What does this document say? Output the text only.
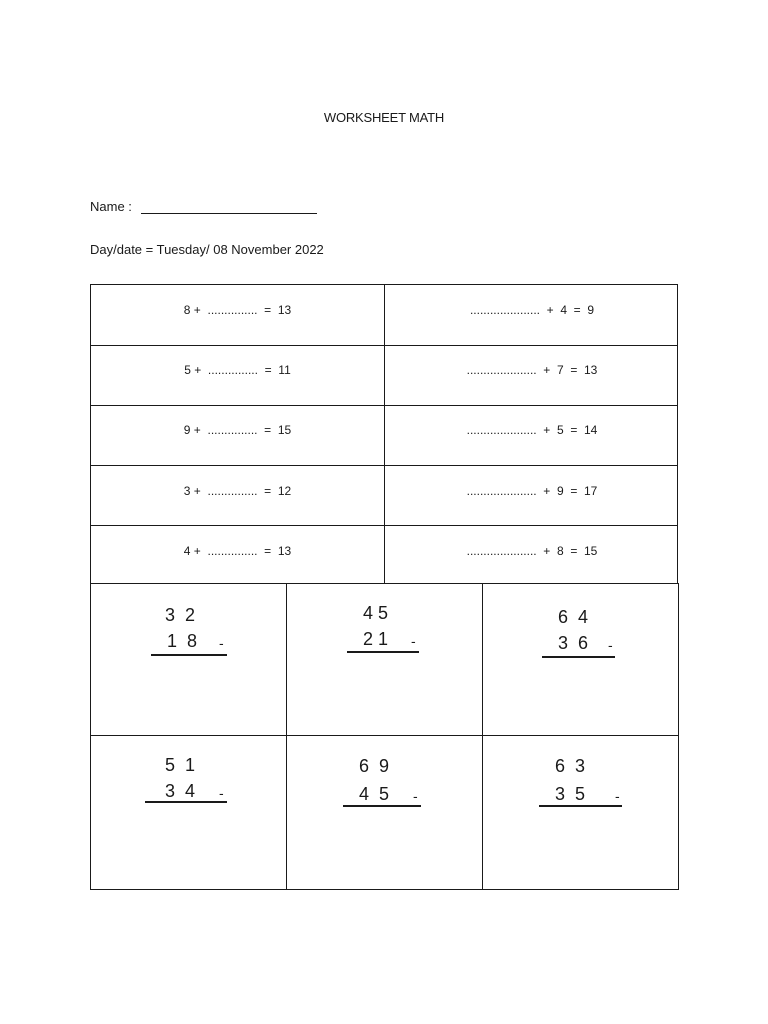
WORKSHEET MATH
Name :
Day/date = Tuesday/ 08 November 2022
8 +  ...............  =  13
5 +  ...............  =  11
9 +  ...............  =  15
3 +  ...............  =  12
4 +  ...............  =  13
.....................  +  4  =  9
.....................  +  7  =  13
.....................  +  5  =  14
.....................  +  9  =  17
.....................  +  8  =  15
3  2
1  8 -
4 5
2 1 -
6  4
3  6 -
5  1
3  4 -
6  9
4  5 -
6  3
3  5 -
